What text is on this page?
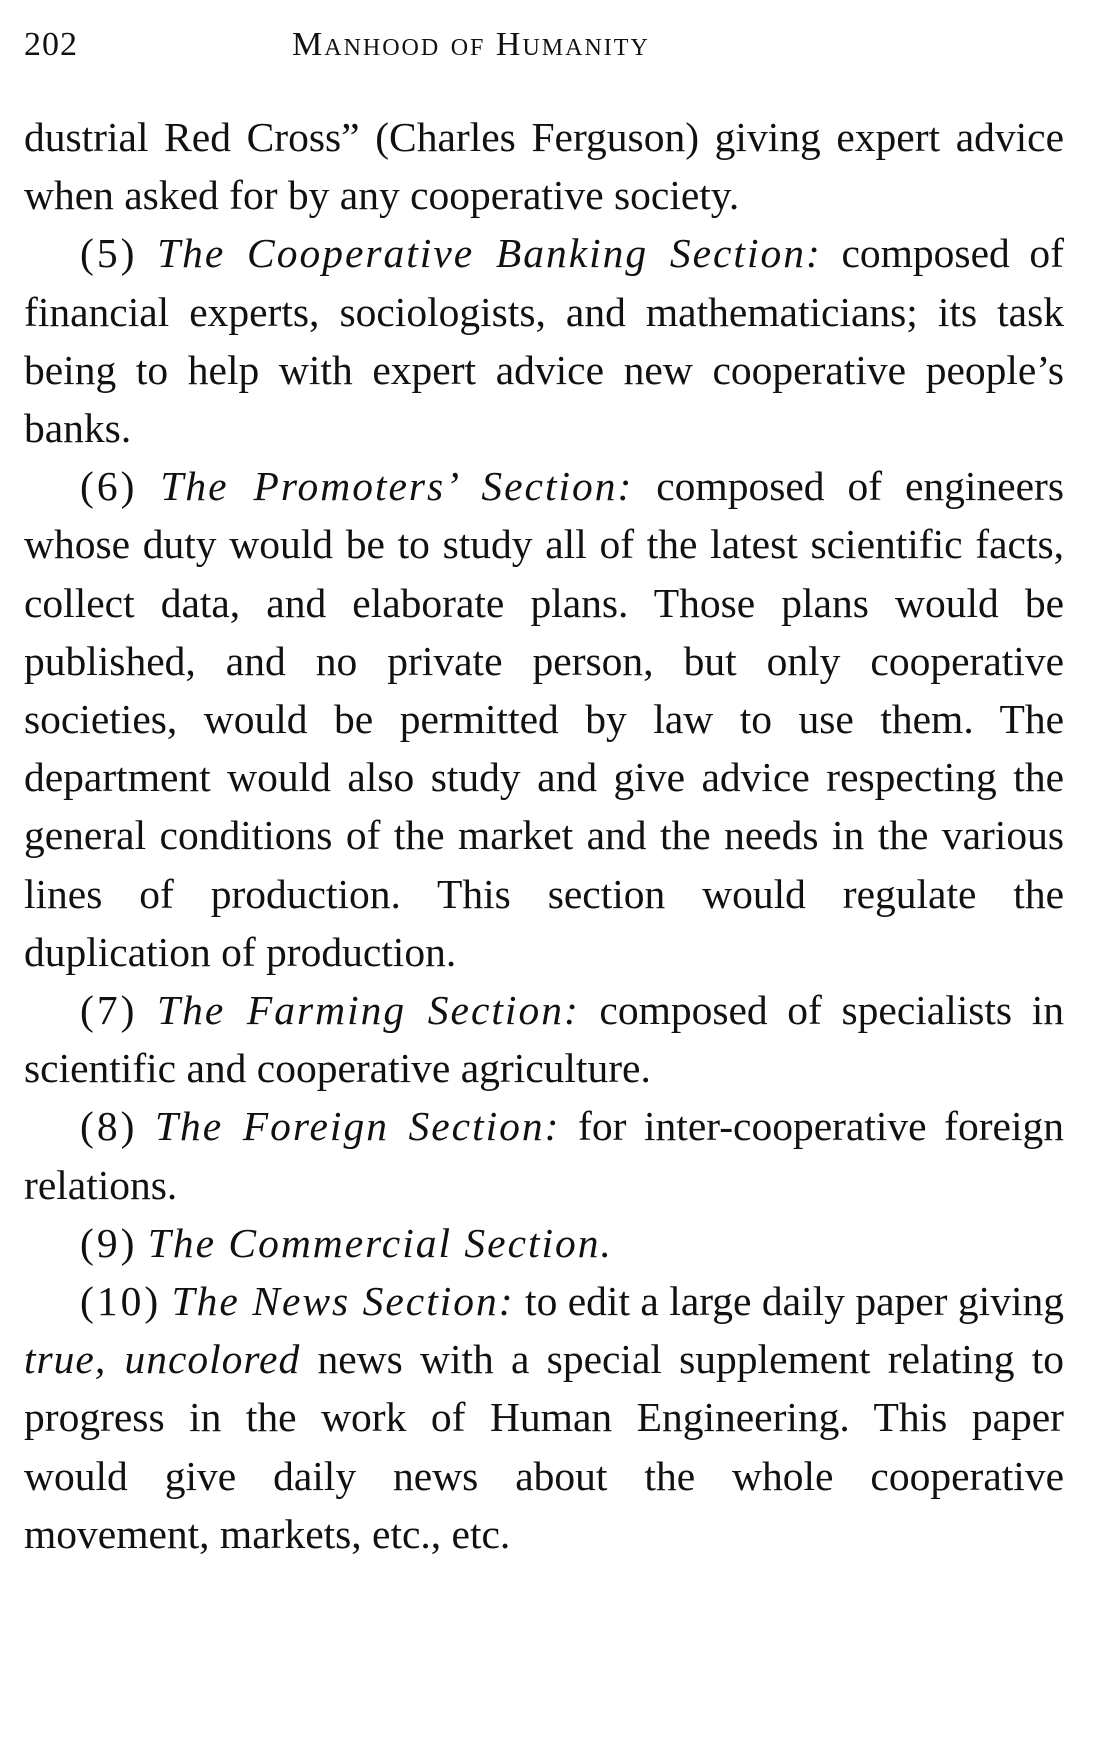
202	Manhood of Humanity

dustrial Red Cross” (Charles Ferguson) giving expert advice when asked for by any cooperative society.

(5) The Cooperative Banking Section: composed of financial experts, sociologists, and mathematicians; its task being to help with expert advice new cooperative people’s banks.

(6) The Promoters’ Section: composed of engineers whose duty would be to study all of the latest scientific facts, collect data, and elaborate plans. Those plans would be published, and no private person, but only cooperative societies, would be permitted by law to use them. The department would also study and give advice respecting the general conditions of the market and the needs in the various lines of production. This section would regulate the duplication of production.

(7) The Farming Section: composed of specialists in scientific and cooperative agriculture.

(8) The Foreign Section: for inter-cooperative foreign relations.

(9) The Commercial Section.

(10) The News Section: to edit a large daily paper giving true, uncolored news with a special supplement relating to progress in the work of Human Engineering. This paper would give daily news about the whole cooperative movement, markets, etc., etc.
